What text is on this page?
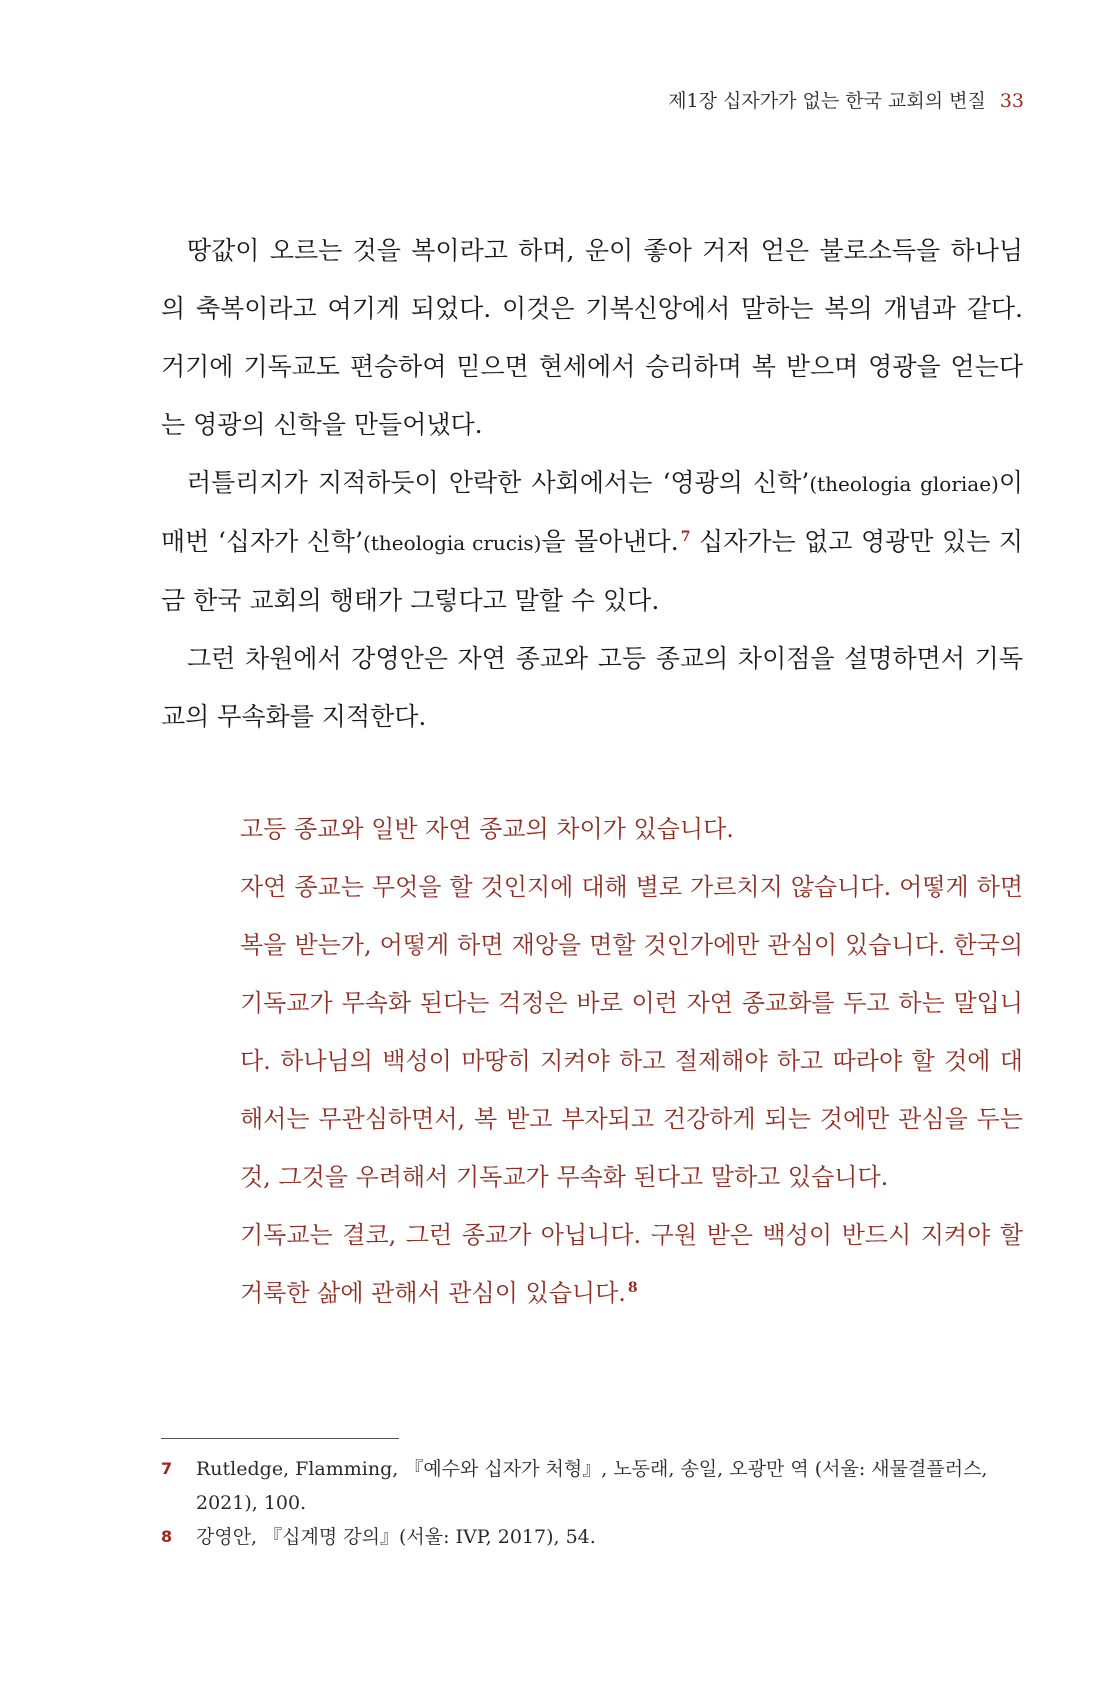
제1장 십자가가 없는 한국 교회의 변질 33

땅값이 오르는 것을 복이라고 하며, 운이 좋아 거저 얻은 불로소득을 하나님의 축복이라고 여기게 되었다. 이것은 기복신앙에서 말하는 복의 개념과 같다. 거기에 기독교도 편승하여 믿으면 현세에서 승리하며 복 받으며 영광을 얻는다는 영광의 신학을 만들어냈다.

러틀리지가 지적하듯이 안락한 사회에서는 ‘영광의 신학’(theologia gloriae)이 매번 ‘십자가 신학’(theologia crucis)을 몰아낸다. $^7$ 십자가는 없고 영광만 있는 지금 한국 교회의 행태가 그렇다고 말할 수 있다.

그런 차원에서 강영안은 자연 종교와 고등 종교의 차이점을 설명하면서 기독교의 무속화를 지적한다.

고등 종교와 일반 자연 종교의 차이가 있습니다.

자연 종교는 무엇을 할 것인지에 대해 별로 가르치지 않습니다. 어떻게 하면 복을 받는가, 어떻게 하면 재앙을 면할 것인가에만 관심이 있습니다. 한국의 기독교가 무속화 된다는 걱정은 바로 이런 자연 종교화를 두고 하는 말입니다. 하나님의 백성이 마땅히 지켜야 하고 절제해야 하고 따라야 할 것에 대해서는 무관심하면서, 복 받고 부자되고 건강하게 되는 것에만 관심을 두는 것, 그것을 우려해서 기독교가 무속화 된다고 말하고 있습니다.

기독교는 결코, 그런 종교가 아닙니다. 구원 받은 백성이 반드시 지켜야 할 거룩한 삶에 관해서 관심이 있습니다. $^8$

7 Rutledge, Flamming, 『예수와 십자가 처형』, 노동래, 송일, 오광만 역 (서울: 새물결플러스, 2021), 100.

8 강영안, 『십계명 강의』(서울: IVP, 2017), 54.
